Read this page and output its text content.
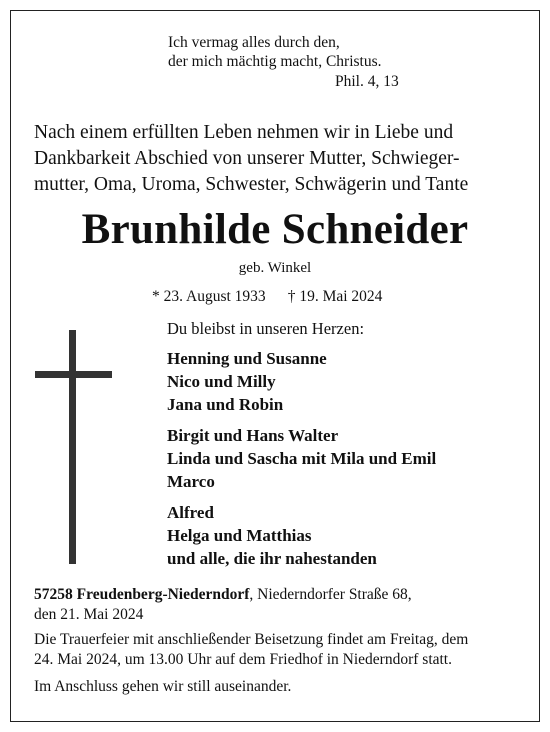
Ich vermag alles durch den,
der mich mächtig macht, Christus.
Phil. 4, 13
Nach einem erfüllten Leben nehmen wir in Liebe und
Dankbarkeit Abschied von unserer Mutter, Schwieger-
mutter, Oma, Uroma, Schwester, Schwägerin und Tante
Brunhilde Schneider
geb. Winkel
* 23. August 1933 † 19. Mai 2024
Du bleibst in unseren Herzen:
Henning und Susanne
Nico und Milly
Jana und Robin
Birgit und Hans Walter
Linda und Sascha mit Mila und Emil
Marco
Alfred
Helga und Matthias
und alle, die ihr nahestanden
57258 Freudenberg-Niederndorf, Niederndorfer Straße 68,
den 21. Mai 2024
Die Trauerfeier mit anschließender Beisetzung findet am Freitag, dem
24. Mai 2024, um 13.00 Uhr auf dem Friedhof in Niederndorf statt.
Im Anschluss gehen wir still auseinander.
